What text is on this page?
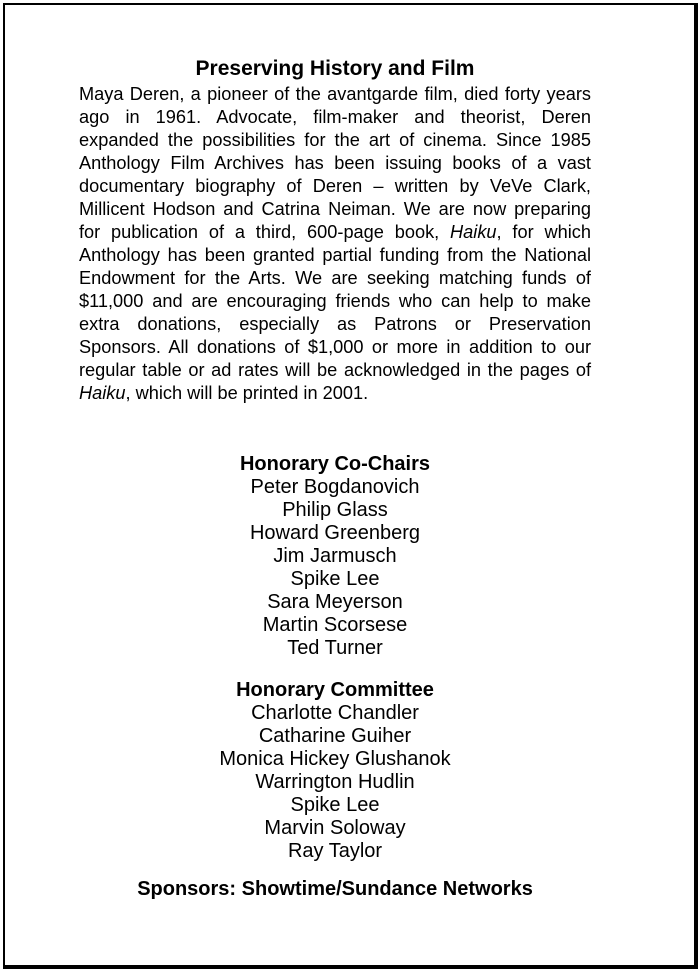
Preserving History and Film

Maya Deren, a pioneer of the avantgarde film, died forty years ago in 1961. Advocate, film-maker and theorist, Deren expanded the possibilities for the art of cinema. Since 1985 Anthology Film Archives has been issuing books of a vast documentary biography of Deren – written by VeVe Clark, Millicent Hodson and Catrina Neiman. We are now preparing for publication of a third, 600-page book, Haiku, for which Anthology has been granted partial funding from the National Endowment for the Arts. We are seeking matching funds of $11,000 and are encouraging friends who can help to make extra donations, especially as Patrons or Preservation Sponsors. All donations of $1,000 or more in addition to our regular table or ad rates will be acknowledged in the pages of Haiku, which will be printed in 2001.

Honorary Co-Chairs
Peter Bogdanovich
Philip Glass
Howard Greenberg
Jim Jarmusch
Spike Lee
Sara Meyerson
Martin Scorsese
Ted Turner
Honorary Committee
Charlotte Chandler
Catharine Guiher
Monica Hickey Glushanok
Warrington Hudlin
Spike Lee
Marvin Soloway
Ray Taylor
Sponsors: Showtime/Sundance Networks
